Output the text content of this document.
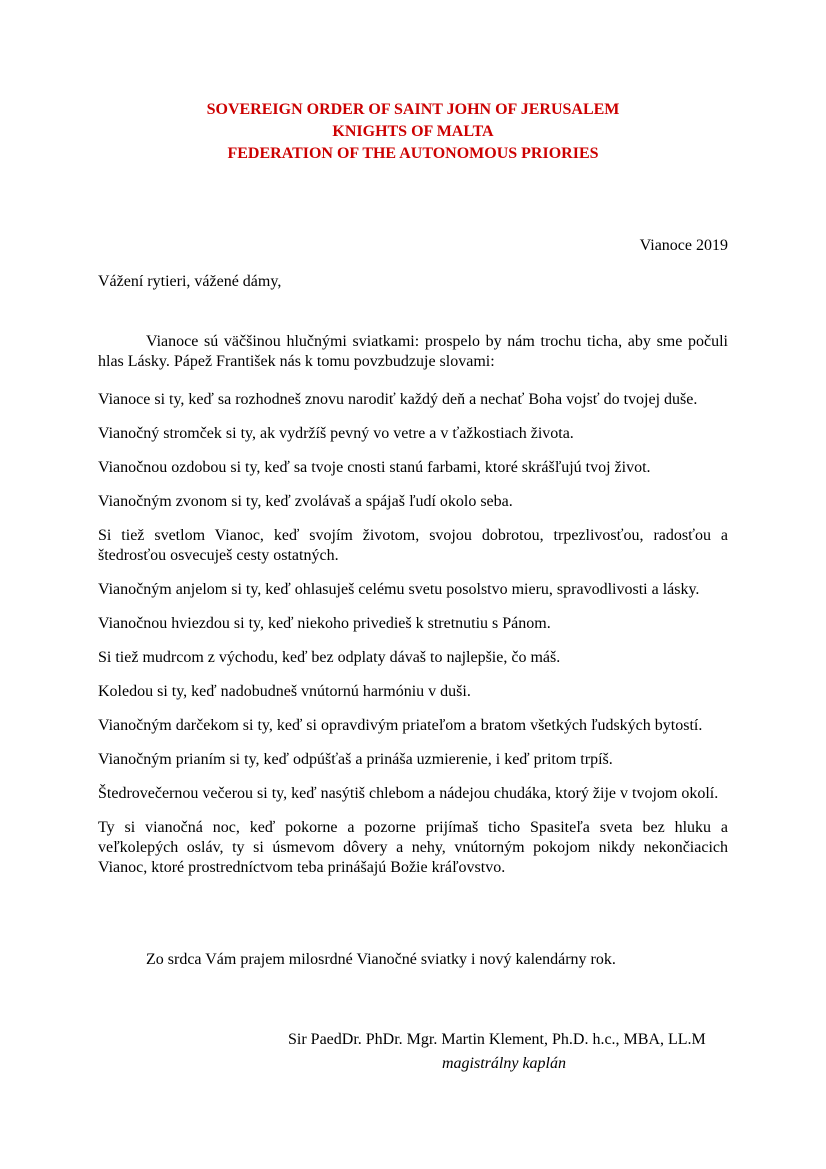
SOVEREIGN ORDER OF SAINT JOHN OF JERUSALEM
KNIGHTS OF MALTA
FEDERATION OF THE AUTONOMOUS PRIORIES
Vianoce 2019
Vážení rytieri, vážené dámy,

Vianoce sú väčšinou hlučnými sviatkami: prospelo by nám trochu ticha, aby sme počuli hlas Lásky. Pápež František nás k tomu povzbudzuje slovami:

Vianoce si ty, keď sa rozhodneš znovu narodiť každý deň a nechať Boha vojsť do tvojej duše.

Vianočný stromček si ty, ak vydržíš pevný vo vetre a v ťažkostiach života.

Vianočnou ozdobou si ty, keď sa tvoje cnosti stanú farbami, ktoré skrášľujú tvoj život.

Vianočným zvonom si ty, keď zvolávaš a spájaš ľudí okolo seba.

Si tiež svetlom Vianoc, keď svojím životom, svojou dobrotou, trpezlivosťou, radosťou a štedrosťou osvecuješ cesty ostatných.

Vianočným anjelom si ty, keď ohlasuješ celému svetu posolstvo mieru, spravodlivosti a lásky.

Vianočnou hviezdou si ty, keď niekoho privedieš k stretnutiu s Pánom.

Si tiež mudrcom z východu, keď bez odplaty dávaš to najlepšie, čo máš.

Koledou si ty, keď nadobudneš vnútornú harmóniu v duši.

Vianočným darčekom si ty, keď si opravdivým priateľom a bratom všetkých ľudských bytostí.

Vianočným prianím si ty, keď odpúšťaš a prináša uzmierenie, i keď pritom trpíš.

Štedrovečernou večerou si ty, keď nasýtiš chlebom a nádejou chudáka, ktorý žije v tvojom okolí.

Ty si vianočná noc, keď pokorne a pozorne prijímaš ticho Spasiteľa sveta bez hluku a veľkolepých osláv, ty si úsmevom dôvery a nehy, vnútorným pokojom nikdy nekončiacich Vianoc, ktoré prostredníctvom teba prinášajú Božie kráľovstvo.

Zo srdca Vám prajem milosrdné Vianočné sviatky i nový kalendárny rok.
Sir PaedDr. PhDr. Mgr. Martin Klement, Ph.D. h.c., MBA, LL.M
magistrálny kaplán
